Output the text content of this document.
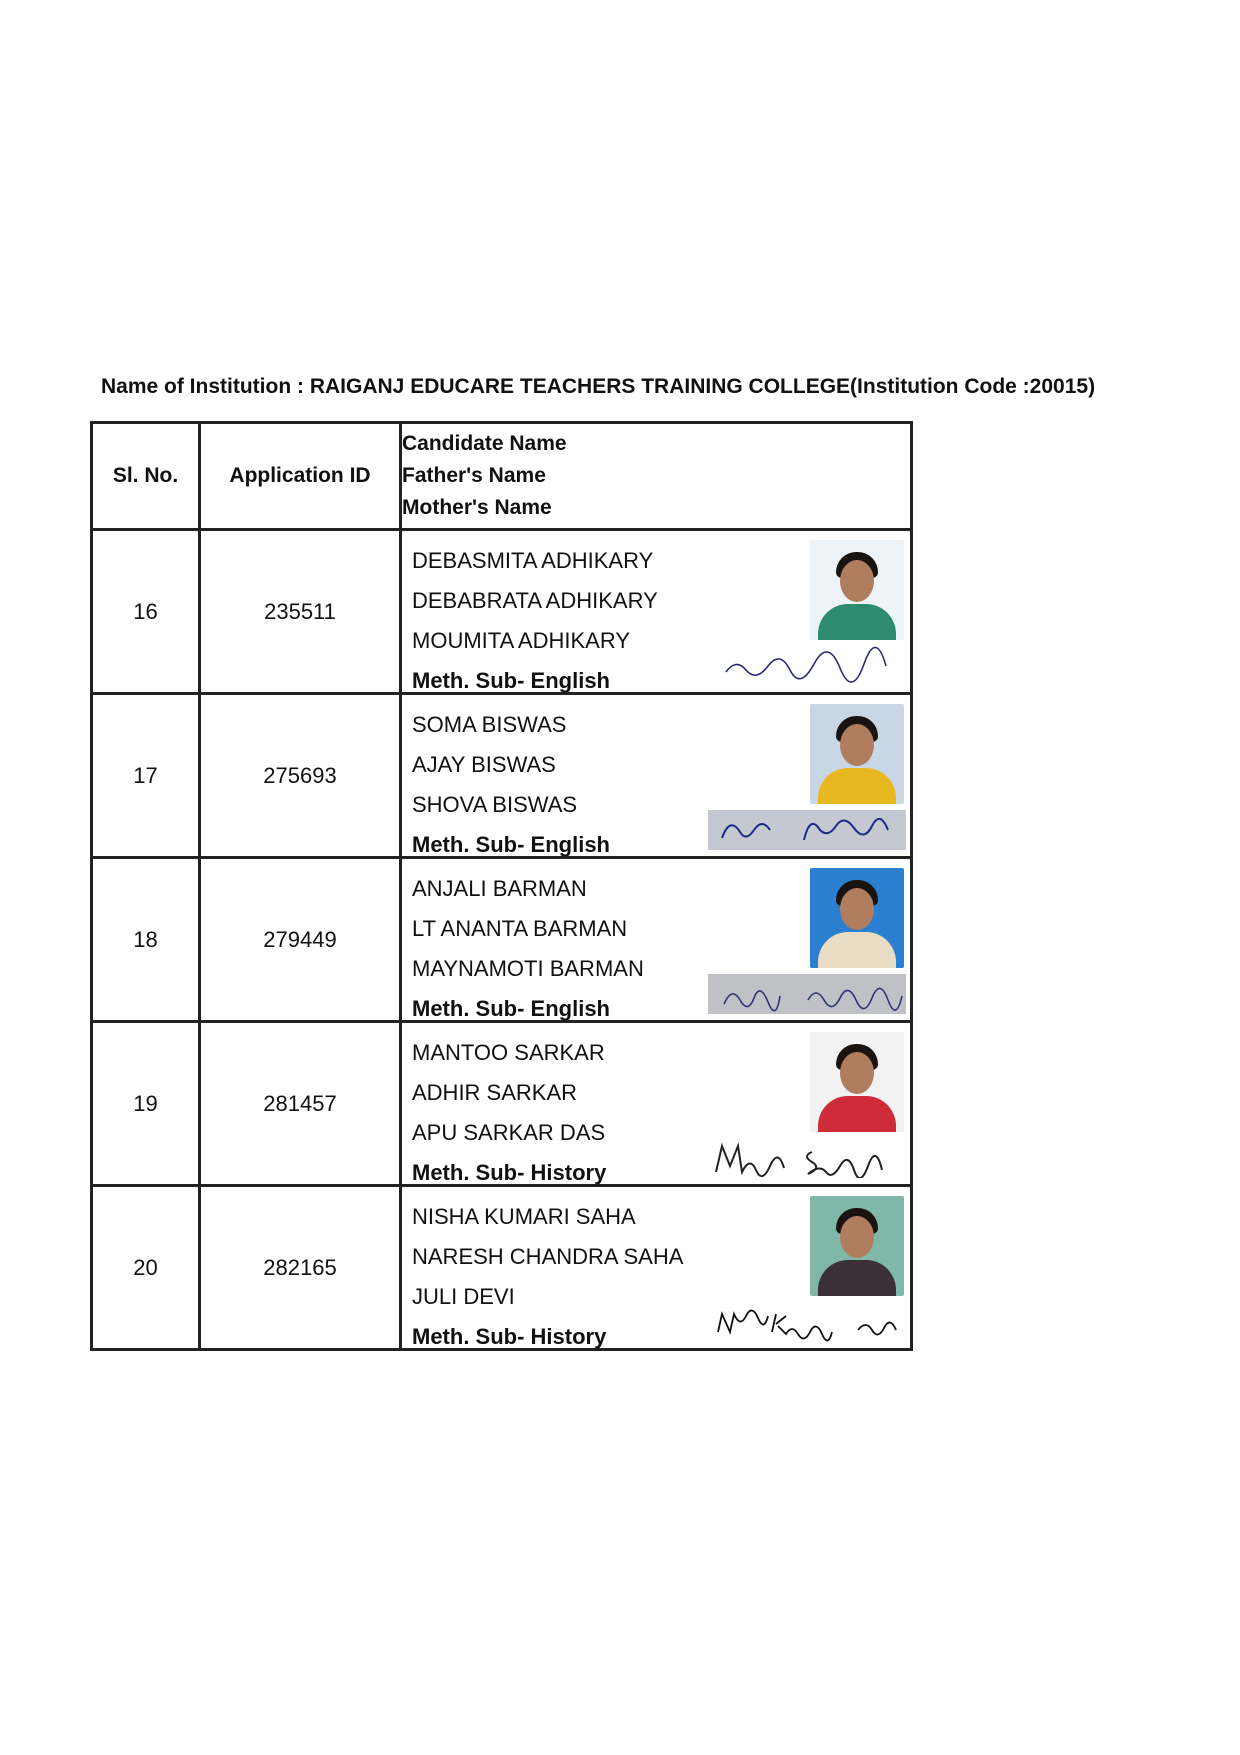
Name of Institution : RAIGANJ EDUCARE TEACHERS TRAINING COLLEGE(Institution Code :20015)
Sl. No.	Application ID	Candidate Name
Father's Name
Mother's Name

16	235511	DEBASMITA ADHIKARY
DEBABRATA ADHIKARY
MOUMITA ADHIKARY
Meth. Sub- English

17	275693	SOMA BISWAS
AJAY BISWAS
SHOVA BISWAS
Meth. Sub- English

18	279449	ANJALI BARMAN
LT ANANTA BARMAN
MAYNAMOTI BARMAN
Meth. Sub- English

19	281457	MANTOO SARKAR
ADHIR SARKAR
APU SARKAR DAS
Meth. Sub- History

20	282165	NISHA KUMARI SAHA
NARESH CHANDRA SAHA
JULI DEVI
Meth. Sub- History
